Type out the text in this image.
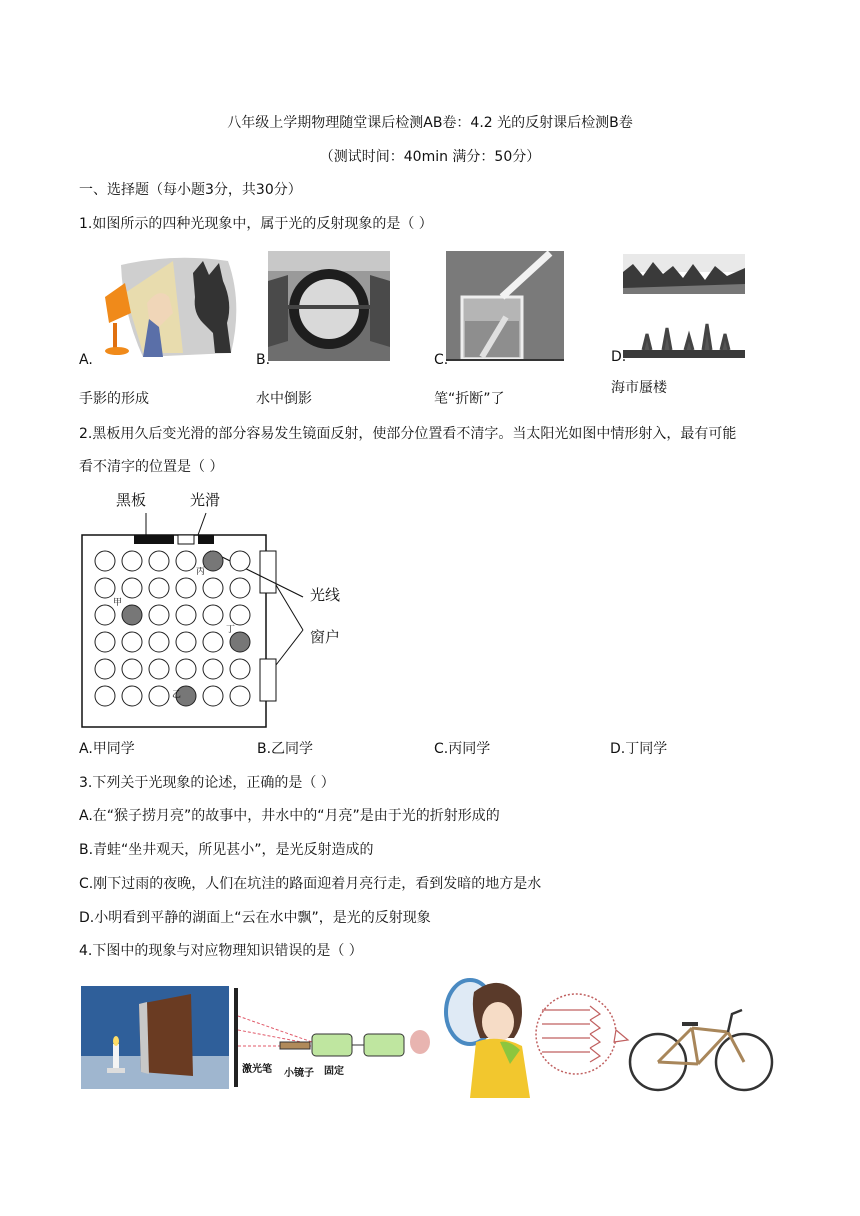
八年级上学期物理随堂课后检测AB卷：4.2 光的反射课后检测B卷
（测试时间：40min 满分：50分）
一、选择题（每小题3分，共30分）
1.如图所示的四种光现象中，属于光的反射现象的是（ ）
A.
手影的形成
B.
水中倒影
C.
笔“折断”了
D.
海市蜃楼
2.黑板用久后变光滑的部分容易发生镜面反射，使部分位置看不清字。当太阳光如图中情形射入，最有可能
看不清字的位置是（ ）
黑板	光滑
光线
窗户
甲
乙
丙
丁
A.甲同学	B.乙同学	C.丙同学	D.丁同学
3.下列关于光现象的论述，正确的是（ ）
A.在“猴子捞月亮”的故事中，井水中的“月亮”是由于光的折射形成的
B.青蛙“坐井观天，所见甚小”，是光反射造成的
C.刚下过雨的夜晚，人们在坑洼的路面迎着月亮行走，看到发暗的地方是水
D.小明看到平静的湖面上“云在水中飘”，是光的反射现象
4.下图中的现象与对应物理知识错误的是（ ）
激光笔 小镜子 固定
